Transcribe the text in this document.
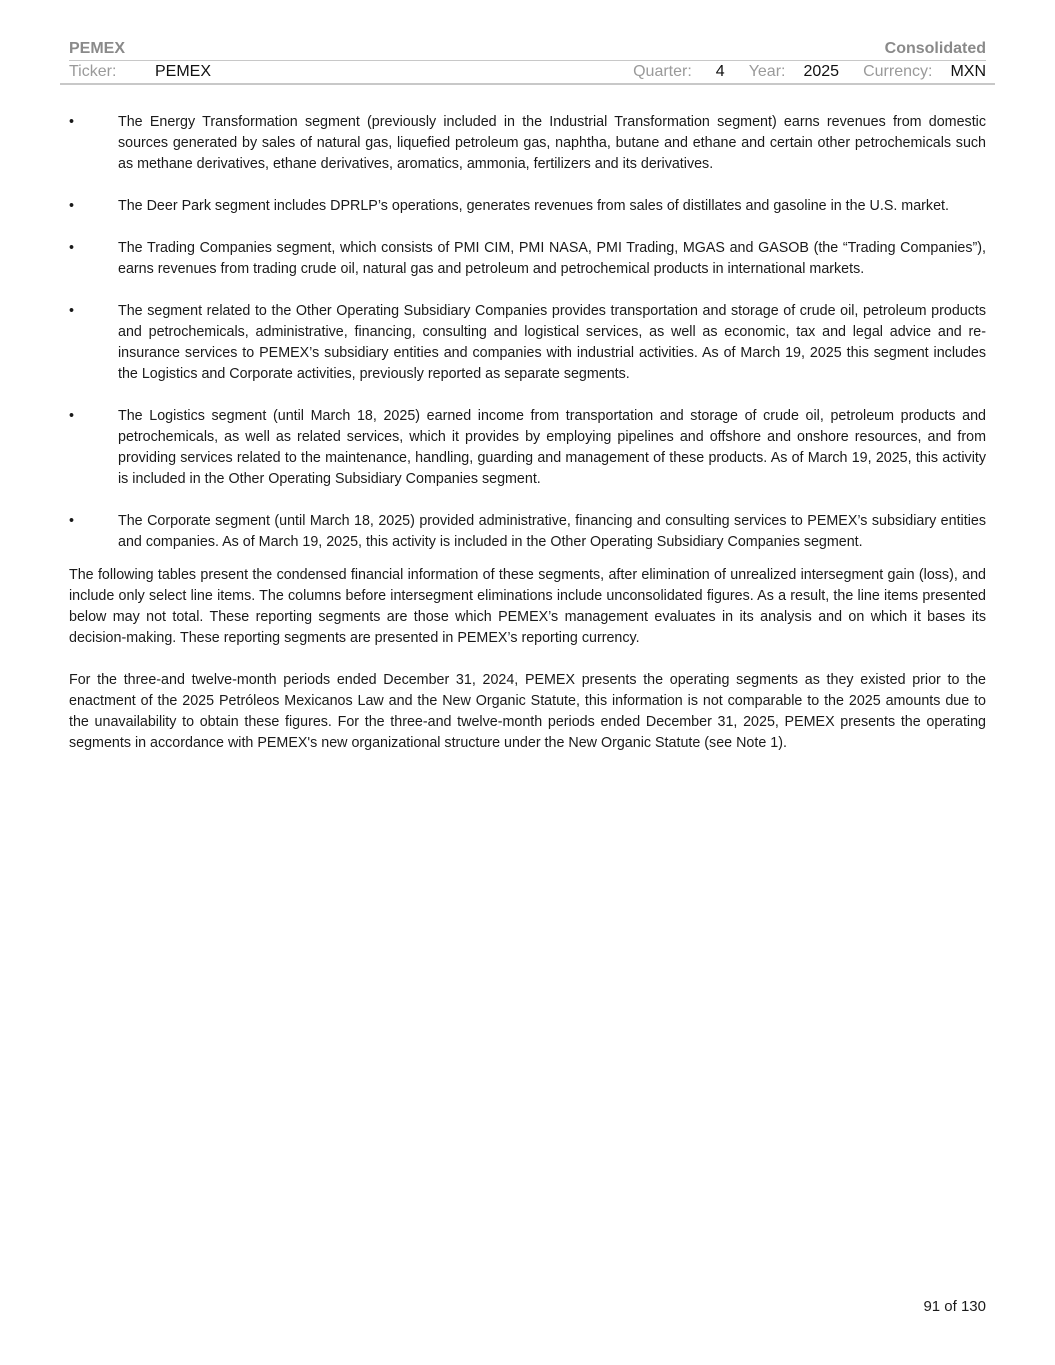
PEMEX	Consolidated
Ticker:	PEMEX	Quarter: 4 Year: 2025 Currency: MXN
•	The Energy Transformation segment (previously included in the Industrial Transformation segment) earns revenues from domestic sources generated by sales of natural gas, liquefied petroleum gas, naphtha, butane and ethane and certain other petrochemicals such as methane derivatives, ethane derivatives, aromatics, ammonia, fertilizers and its derivatives.
•	The Deer Park segment includes DPRLP’s operations, generates revenues from sales of distillates and gasoline in the U.S. market.
•	The Trading Companies segment, which consists of PMI CIM, PMI NASA, PMI Trading, MGAS and GASOB (the “Trading Companies”), earns revenues from trading crude oil, natural gas and petroleum and petrochemical products in international markets.
•	The segment related to the Other Operating Subsidiary Companies provides transportation and storage of crude oil, petroleum products and petrochemicals, administrative, financing, consulting and logistical services, as well as economic, tax and legal advice and re-insurance services to PEMEX’s subsidiary entities and companies with industrial activities. As of March 19, 2025 this segment includes the Logistics and Corporate activities, previously reported as separate segments.
•	The Logistics segment (until March 18, 2025) earned income from transportation and storage of crude oil, petroleum products and petrochemicals, as well as related services, which it provides by employing pipelines and offshore and onshore resources, and from providing services related to the maintenance, handling, guarding and management of these products. As of March 19, 2025, this activity is included in the Other Operating Subsidiary Companies segment.
•	The Corporate segment (until March 18, 2025) provided administrative, financing and consulting services to PEMEX’s subsidiary entities and companies. As of March 19, 2025, this activity is included in the Other Operating Subsidiary Companies segment.

The following tables present the condensed financial information of these segments, after elimination of unrealized intersegment gain (loss), and include only select line items. The columns before intersegment eliminations include unconsolidated figures. As a result, the line items presented below may not total. These reporting segments are those which PEMEX’s management evaluates in its analysis and on which it bases its decision-making. These reporting segments are presented in PEMEX’s reporting currency.

For the three-and twelve-month periods ended December 31, 2024, PEMEX presents the operating segments as they existed prior to the enactment of the 2025 Petróleos Mexicanos Law and the New Organic Statute, this information is not comparable to the 2025 amounts due to the unavailability to obtain these figures. For the three-and twelve-month periods ended December 31, 2025, PEMEX presents the operating segments in accordance with PEMEX's new organizational structure under the New Organic Statute (see Note 1).

91 of 130
